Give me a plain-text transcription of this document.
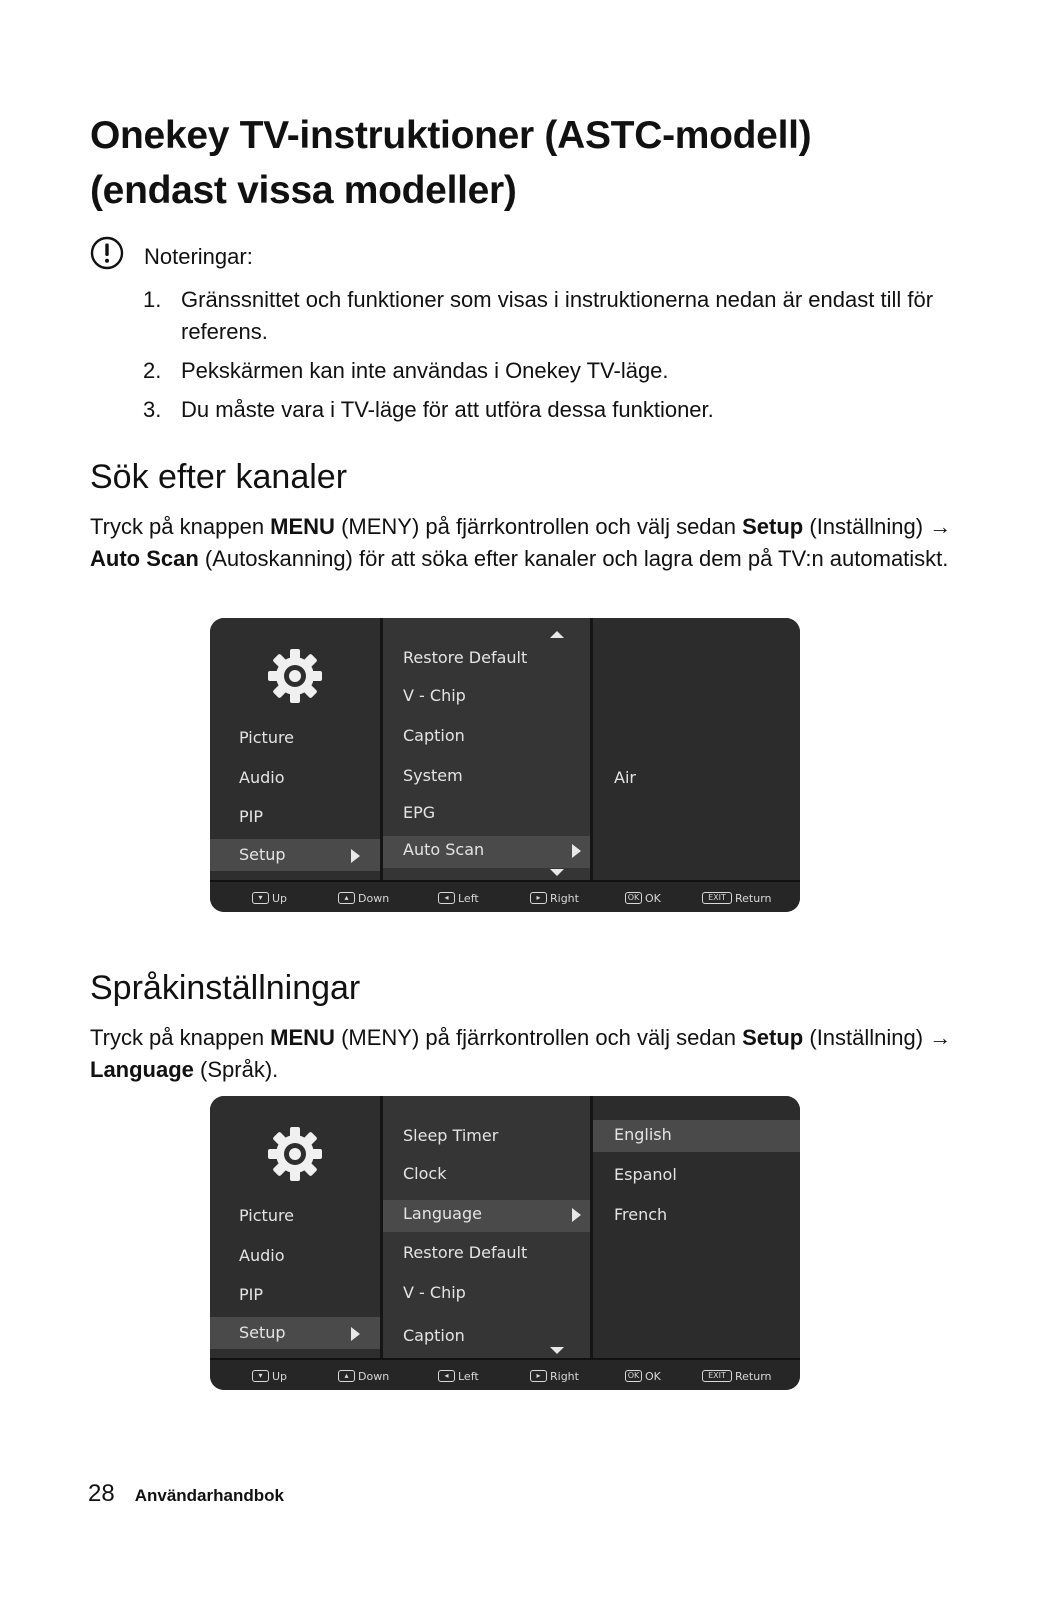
Onekey TV-instruktioner (ASTC-modell)
(endast vissa modeller)
Noteringar:
1. Gränssnittet och funktioner som visas i instruktionerna nedan är endast till för referens.
2. Pekskärmen kan inte användas i Onekey TV-läge.
3. Du måste vara i TV-läge för att utföra dessa funktioner.
Sök efter kanaler

Tryck på knappen MENU (MENY) på fjärrkontrollen och välj sedan Setup (Inställning) → Auto Scan (Autoskanning) för att söka efter kanaler och lagra dem på TV:n automatiskt.

Picture
Audio
PIP
Setup
Restore Default
V - Chip
Caption
System
EPG
Auto Scan
Air
▾ Up	▴ Down	◂ Left	▸ Right	OK OK	EXIT Return
Språkinställningar

Tryck på knappen MENU (MENY) på fjärrkontrollen och välj sedan Setup (Inställning) → Language (Språk).

Picture
Audio
PIP
Setup
Sleep Timer
Clock
Language
Restore Default
V - Chip
Caption
English
Espanol
French
▾ Up	▴ Down	◂ Left	▸ Right	OK OK	EXIT Return
28 Användarhandbok
